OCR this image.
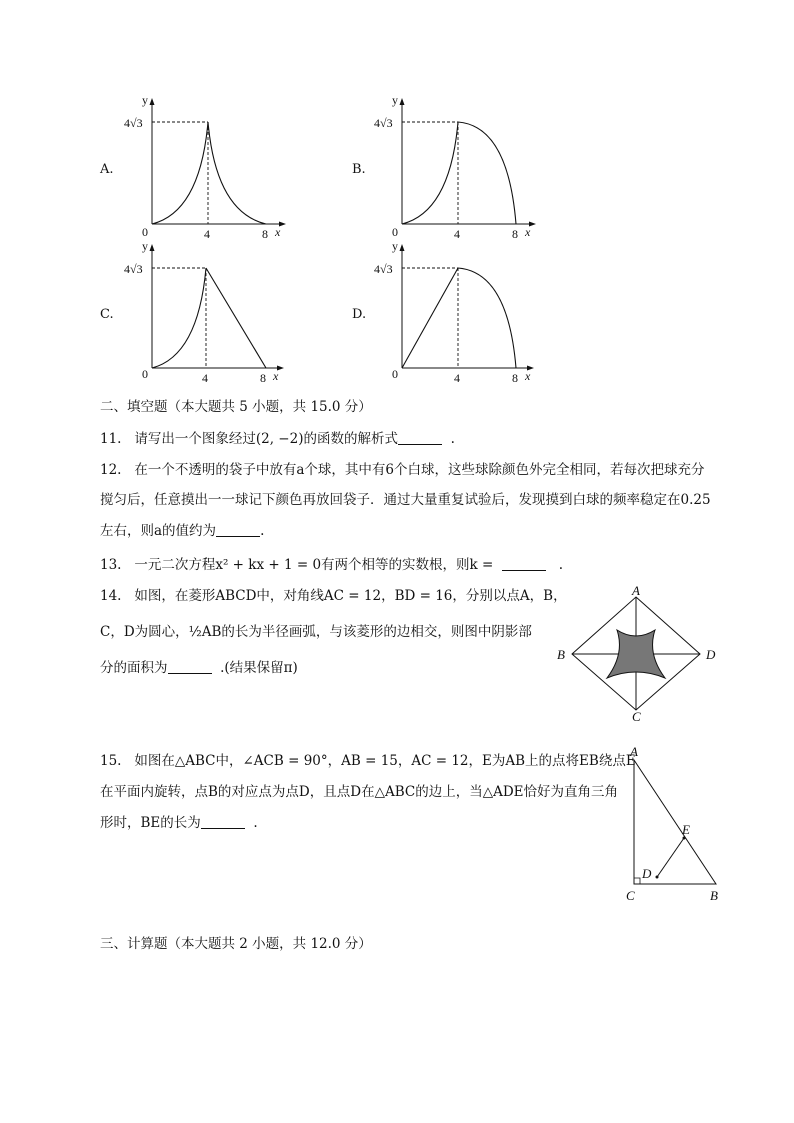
A.	B.
C.	D.
y
4√3
0	4	8 x
y
4√3
0	4	8 x
y
4√3
0	4	8 x
y
4√3
0	4	8 x
二、填空题（本大题共 5 小题，共 15.0 分）
11. 请写出一个图象经过(2, −2)的函数的解析式	.
12. 在一个不透明的袋子中放有a个球，其中有6个白球，这些球除颜色外完全相同，若每次把球充分
搅匀后，任意摸出一一球记下颜色再放回袋子．通过大量重复试验后，发现摸到白球的频率稳定在0.25
左右，则a的值约为	.
13. 一元二次方程x² + kx + 1 = 0有两个相等的实数根，则k =	.
14. 如图，在菱形ABCD中，对角线AC = 12，BD = 16，分别以点A，B，
C，D为圆心，½AB的长为半径画弧，与该菱形的边相交，则图中阴影部
分的面积为	.(结果保留π)
A
B
C
D
15. 如图在△ABC中，∠ACB = 90°，AB = 15，AC = 12，E为AB上的点将EB绕点E
在平面内旋转，点B的对应点为点D，且点D在△ABC的边上，当△ADE恰好为直角三角
形时，BE的长为	.
A
E
D
C	B
三、计算题（本大题共 2 小题，共 12.0 分）
